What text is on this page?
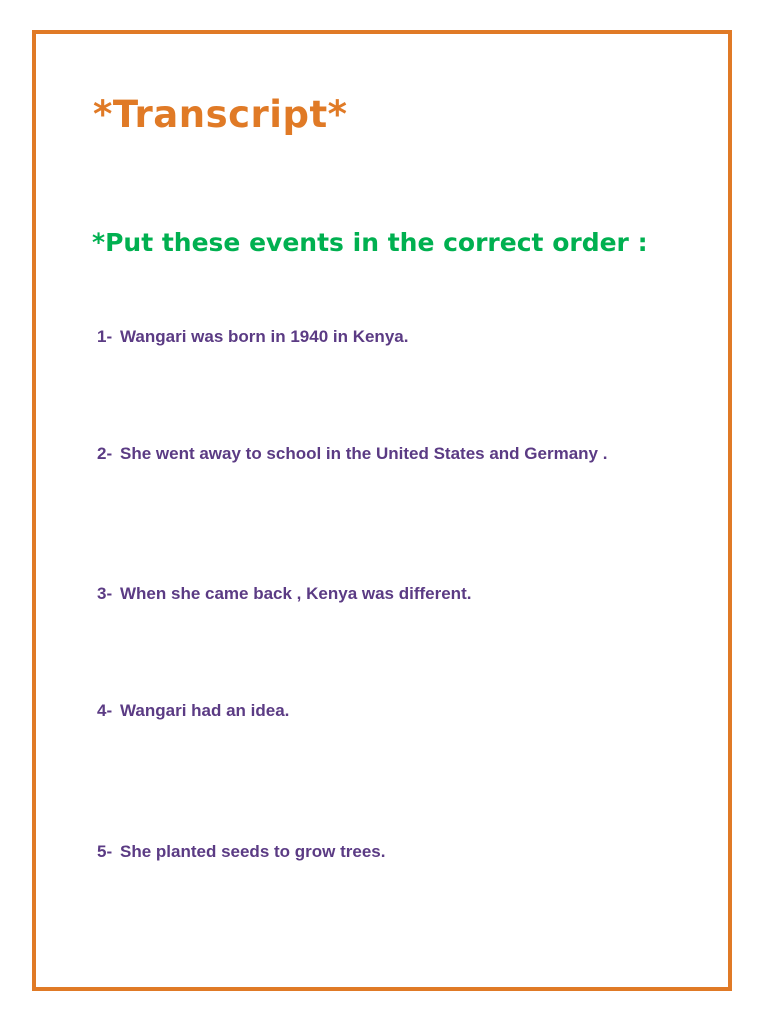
*Transcript*

*Put these events in the correct order :

1- Wangari was born in 1940 in Kenya.
2- She went away to school in the United States and Germany .
3- When she came back , Kenya was different.
4- Wangari had an idea.
5- She planted seeds to grow trees.
